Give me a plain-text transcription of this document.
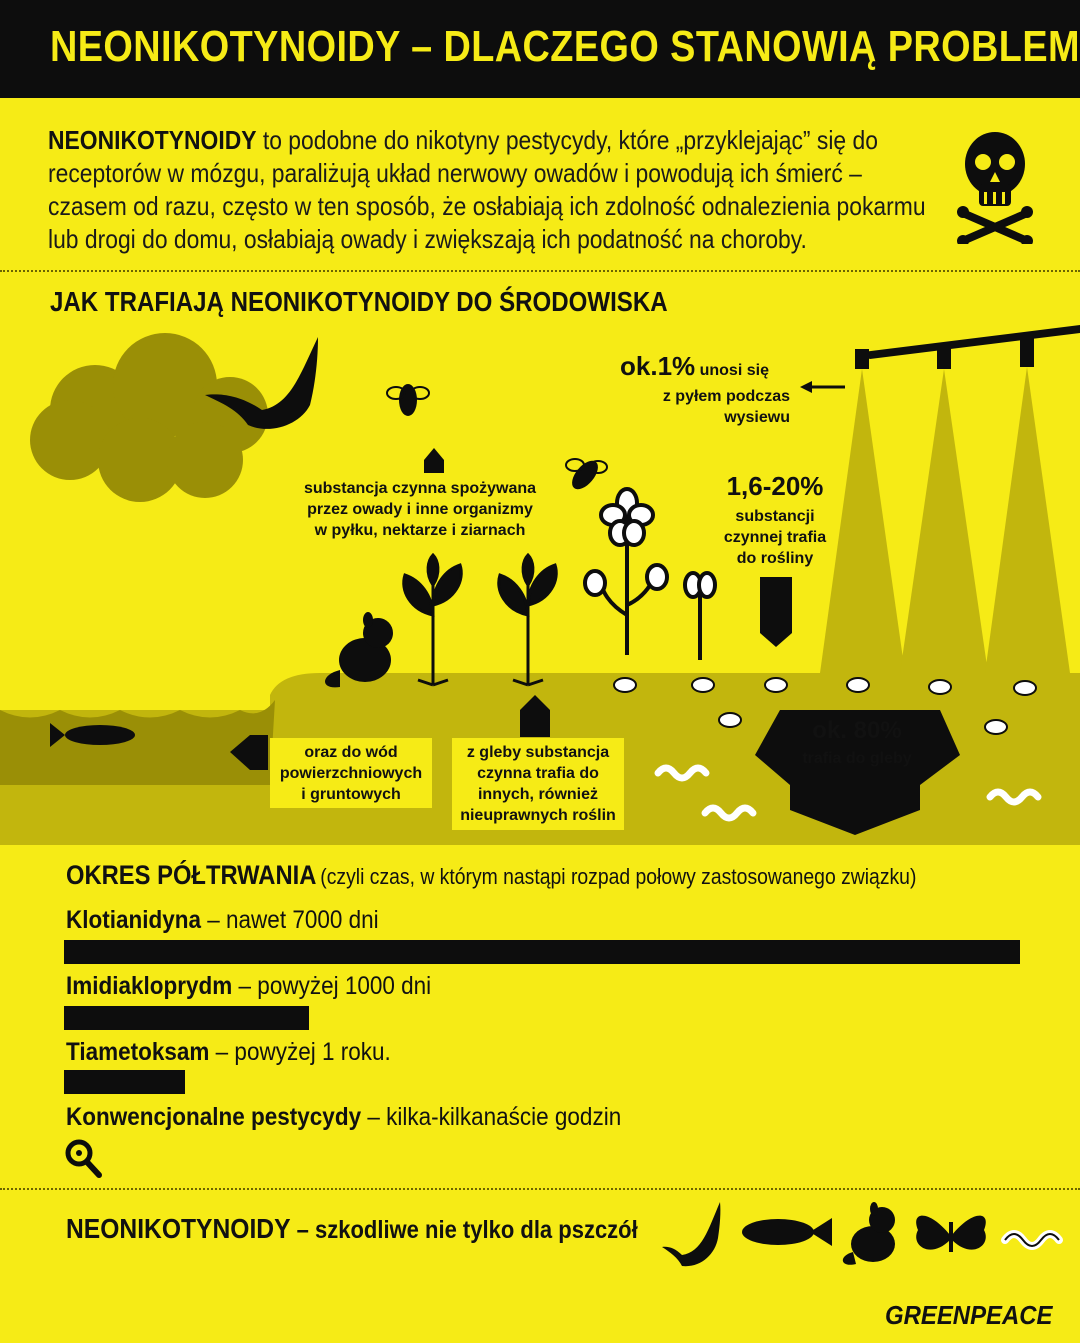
NEONIKOTYNOIDY – DLACZEGO STANOWIĄ PROBLEM
NEONIKOTYNOIDY to podobne do nikotyny pestycydy, które „przyklejając” się do receptorów w mózgu, paraliżują układ nerwowy owadów i powodują ich śmierć – czasem od razu, często w ten sposób, że osłabiają ich zdolność odnalezienia pokarmu lub drogi do domu, osłabiają owady i zwiększają ich podatność na choroby.
JAK TRAFIAJĄ NEONIKOTYNOIDY DO ŚRODOWISKA
ok.1% unosi się
z pyłem podczas
wysiewu
1,6-20%
substancji
czynnej trafia
do rośliny
ok. 80%
trafia do gleby
substancja czynna spożywana
przez owady i inne organizmy
w pyłku, nektarze i ziarnach
oraz do wód
powierzchniowych
i gruntowych
z gleby substancja
czynna trafia do
innych, również
nieuprawnych roślin
OKRES PÓŁTRWANIA (czyli czas, w którym nastąpi rozpad połowy zastosowanego związku)
Klotianidyna – nawet 7000 dni
Imidiakloprydm – powyżej 1000 dni
Tiametoksam – powyżej 1 roku.
Konwencjonalne pestycydy – kilka-kilkanaście godzin
NEONIKOTYNOIDY – szkodliwe nie tylko dla pszczół
GREENPEACE
